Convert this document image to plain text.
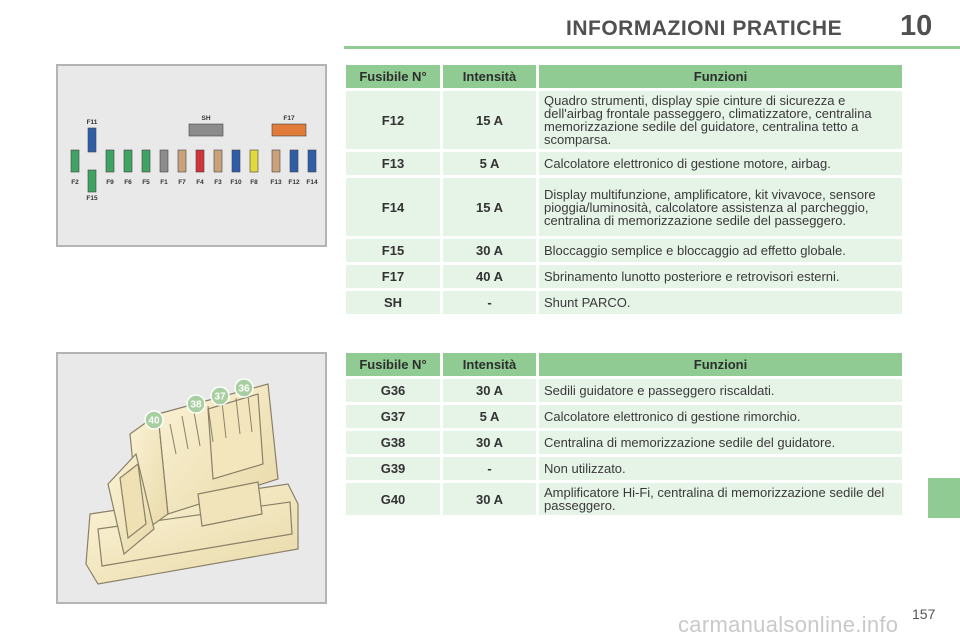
INFORMAZIONI PRATICHE 10
F2	F9 F6 F5 F1 F7 F4 F3 F10 F8 F13 F12 F14
F11
F15
SH	F17
36
37
38
40
Fusibile N°	Intensità	Funzioni
F12	15 A	Quadro strumenti, display spie cinture di sicurezza e dell'airbag frontale passeggero, climatizzatore, centralina memorizzazione sedile del guidatore, centralina tetto a scomparsa.
F13	5 A	Calcolatore elettronico di gestione motore, airbag.
F14	15 A	Display multifunzione, amplificatore, kit vivavoce, sensore pioggia/luminosità, calcolatore assistenza al parcheggio, centralina di memorizzazione sedile del passeggero.
F15	30 A	Bloccaggio semplice e bloccaggio ad effetto globale.
F17	40 A	Sbrinamento lunotto posteriore e retrovisori esterni.
SH	-	Shunt PARCO.
Fusibile N°	Intensità	Funzioni
G36	30 A	Sedili guidatore e passeggero riscaldati.
G37	5 A	Calcolatore elettronico di gestione rimorchio.
G38	30 A	Centralina di memorizzazione sedile del guidatore.
G39	-	Non utilizzato.
G40	30 A	Amplificatore Hi-Fi, centralina di memorizzazione sedile del passeggero.
carmanualsonline.info 157
